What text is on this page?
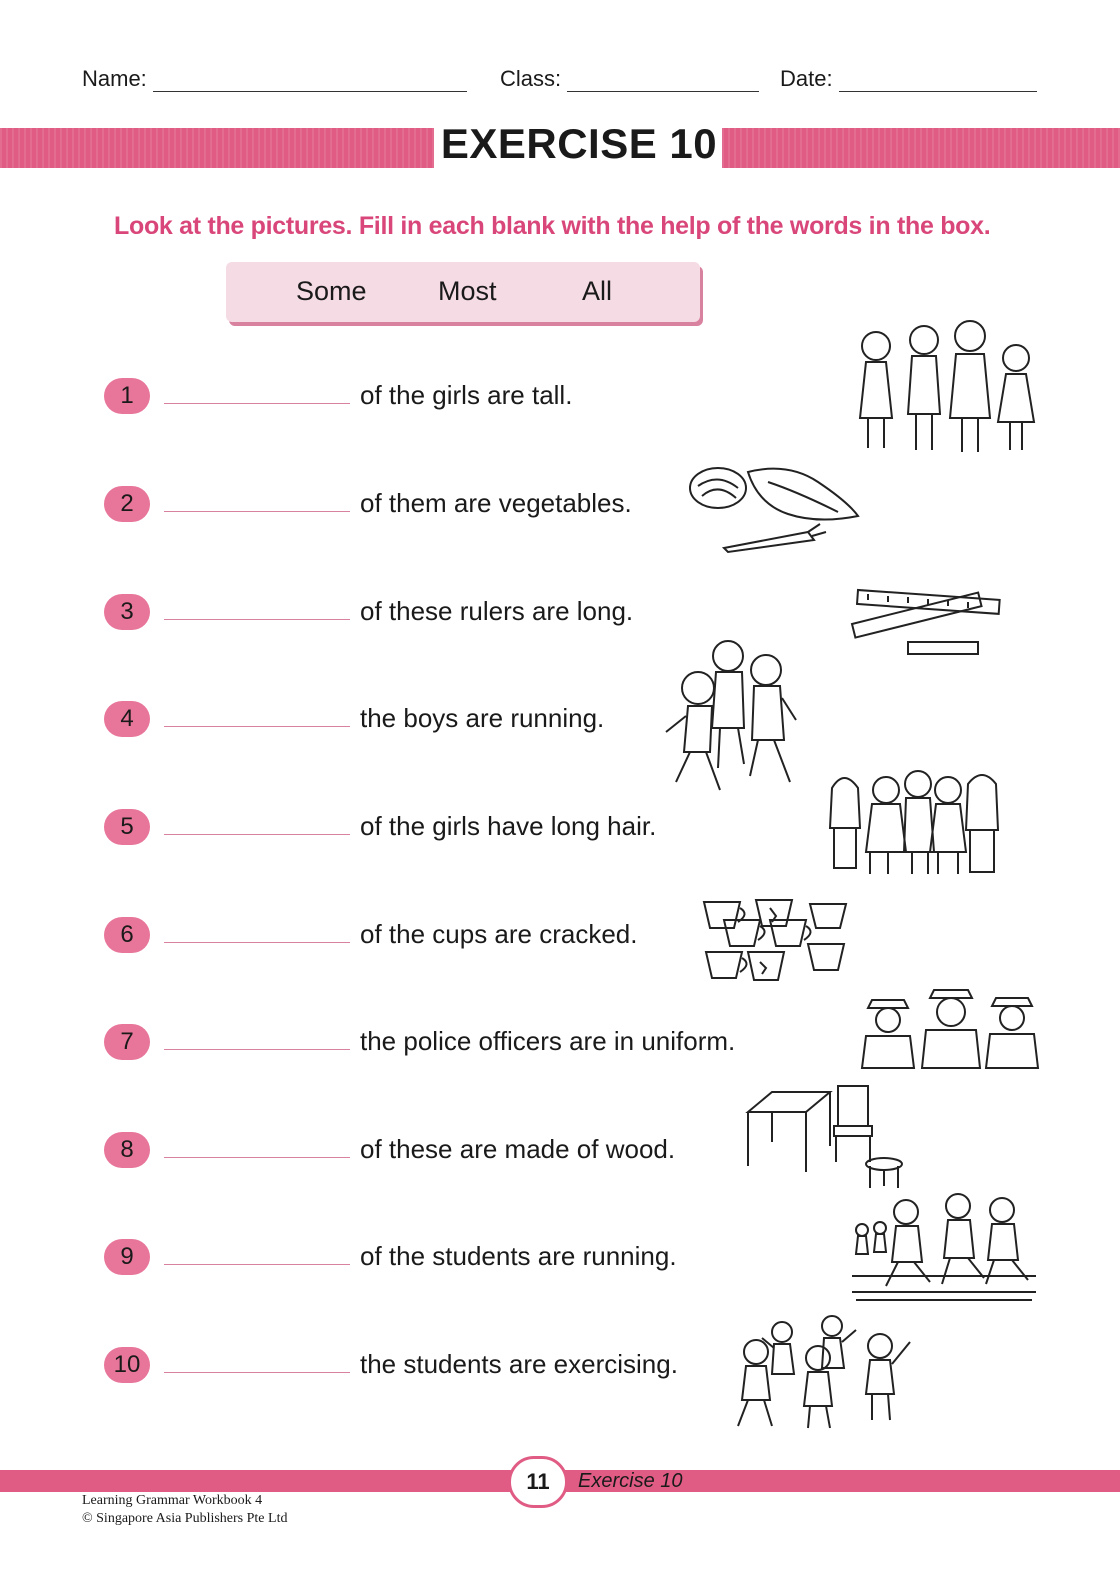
Name:	Class:	Date:
EXERCISE 10
Look at the pictures. Fill in each blank with the help of the words in the box.
Some	Most	All
1	of the girls are tall.
2	of them are vegetables.
3	of these rulers are long.
4	the boys are running.
5	of the girls have long hair.
6	of the cups are cracked.
7	the police officers are in uniform.
8	of these are made of wood.
9	of the students are running.
10	the students are exercising.
11	Exercise 10
Learning Grammar Workbook 4
© Singapore Asia Publishers Pte Ltd
